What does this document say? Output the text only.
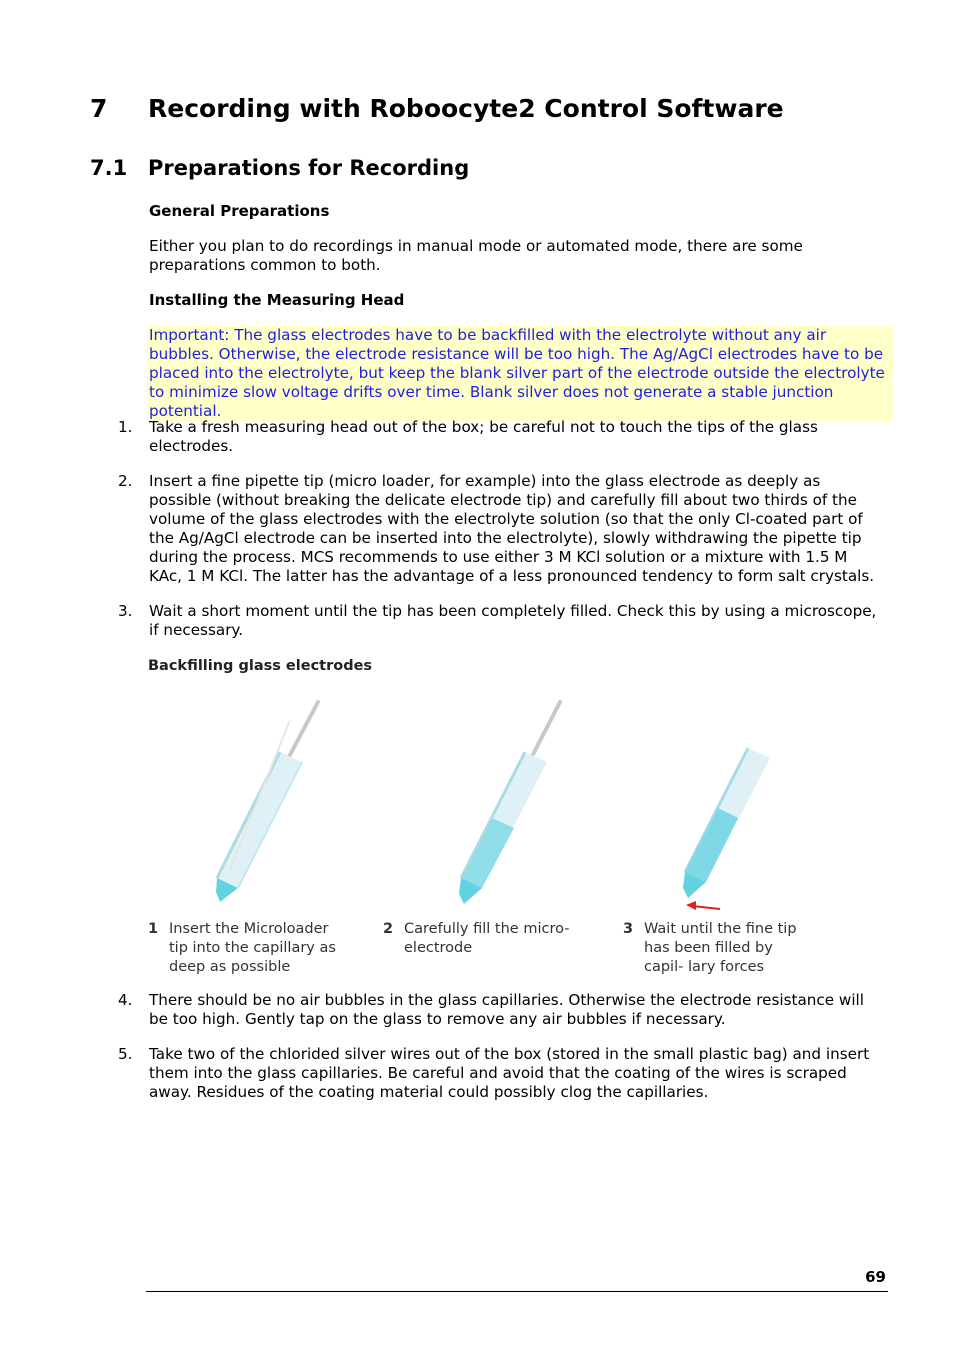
7 Recording with Roboocyte2 Control Software
7.1 Preparations for Recording
General Preparations
Either you plan to do recordings in manual mode or automated mode, there are some preparations common to both.
Installing the Measuring Head
Important: The glass electrodes have to be backfilled with the electrolyte without any air bubbles. Otherwise, the electrode resistance will be too high. The Ag/AgCl electrodes have to be placed into the electrolyte, but keep the blank silver part of the electrode outside the electrolyte to minimize slow voltage drifts over time. Blank silver does not generate a stable junction potential.
1. Take a fresh measuring head out of the box; be careful not to touch the tips of the glass electrodes.
2. Insert a fine pipette tip (micro loader, for example) into the glass electrode as deeply as possible (without breaking the delicate electrode tip) and carefully fill about two thirds of the volume of the glass electrodes with the electrolyte solution (so that the only Cl-coated part of the Ag/AgCl electrode can be inserted into the electrolyte), slowly withdrawing the pipette tip during the process. MCS recommends to use either 3 M KCl solution or a mixture with 1.5 M KAc, 1 M KCl. The latter has the advantage of a less pronounced tendency to form salt crystals.
3. Wait a short moment until the tip has been completely filled. Check this by using a microscope, if necessary.
Backfilling glass electrodes
1 Insert the Microloader tip into the capillary as deep as possible
2 Carefully fill the micro- electrode
3 Wait until the fine tip has been filled by capil- lary forces
4. There should be no air bubbles in the glass capillaries. Otherwise the electrode resistance will be too high. Gently tap on the glass to remove any air bubbles if necessary.
5. Take two of the chlorided silver wires out of the box (stored in the small plastic bag) and insert them into the glass capillaries. Be careful and avoid that the coating of the wires is scraped away. Residues of the coating material could possibly clog the capillaries.
69
